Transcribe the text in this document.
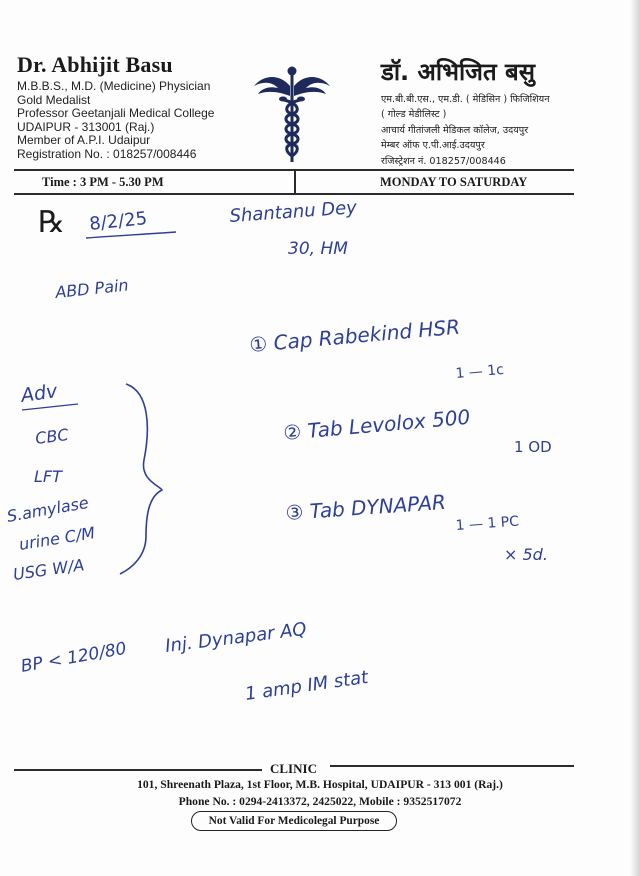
Dr. Abhijit Basu
M.B.B.S., M.D. (Medicine) Physician
Gold Medalist
Professor Geetanjali Medical College
UDAIPUR - 313001 (Raj.)
Member of A.P.I. Udaipur
Registration No. : 018257/008446
डॉ. अभिजित बसु
एम.बी.बी.एस., एम.डी. ( मेडिसिन ) फिजिशियन
( गोल्ड मेडीलिस्ट )
आचार्य गीतांजली मेडिकल कॉलेज, उदयपुर
मेम्बर ऑफ ए.पी.आई.उदयपुर
रजिस्ट्रेशन नं. 018257/008446
Time : 3 PM - 5.30 PM	MONDAY TO SATURDAY
℞ 8/2/25	Shantanu Dey
30, HM
ABD Pain
① Cap Rabekind HSR
1 — 1c
② Tab Levolox 500
1 OD
③ Tab DYNAPAR 1 — 1 PC
× 5d.
Adv
CBC
LFT
S.amylase
urine C/M
USG W/A
BP < 120/80
Inj. Dynapar AQ
1 amp IM stat
CLINIC
101, Shreenath Plaza, 1st Floor, M.B. Hospital, UDAIPUR - 313 001 (Raj.)
Phone No. : 0294-2413372, 2425022, Mobile : 9352517072
Not Valid For Medicolegal Purpose
